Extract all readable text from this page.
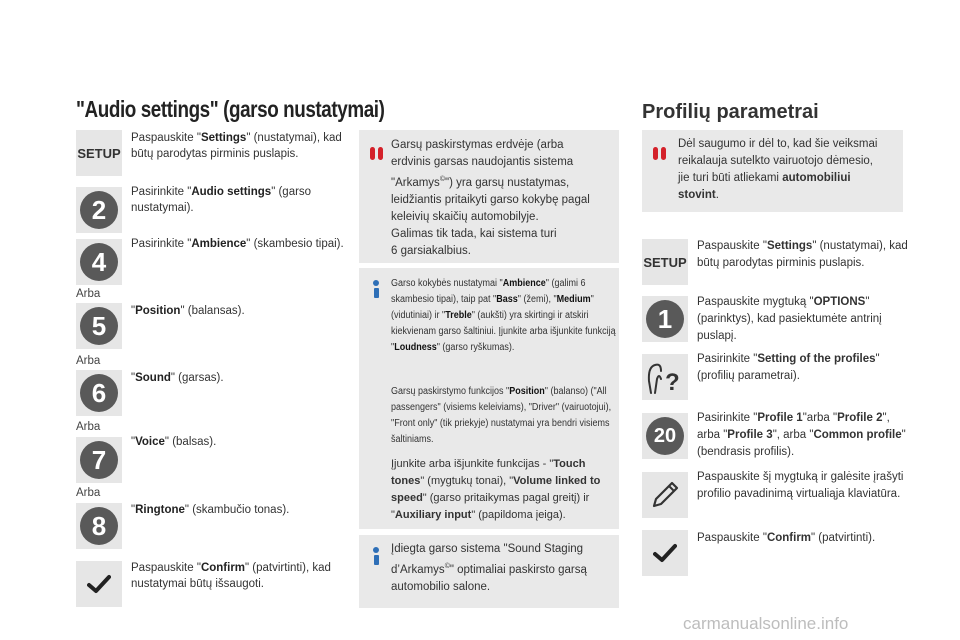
"Audio settings" (garso nustatymai)
SETUP
Paspauskite "Settings" (nustatymai), kad būtų parodytas pirminis puslapis.
2
Pasirinkite "Audio settings" (garso nustatymai).
4
Pasirinkite "Ambience" (skambesio tipai).
Arba
5	"Position" (balansas).
Arba
6	"Sound" (garsas).
Arba
7
"Voice" (balsas).
Arba
8
"Ringtone" (skambučio tonas).
Paspauskite "Confirm" (patvirtinti), kad nustatymai būtų išsaugoti.
Garsų paskirstymas erdvėje (arba
erdvinis garsas naudojantis sistema
"Arkamys©") yra garsų nustatymas,
leidžiantis pritaikyti garso kokybę pagal
keleivių skaičių automobilyje.
Galimas tik tada, kai sistema turi
6 garsiakalbius.
Garso kokybės nustatymai "Ambience" (galimi 6 skambesio tipai), taip pat "Bass" (žemi), "Medium" (vidutiniai) ir "Treble" (aukšti) yra skirtingi ir atskiri kiekvienam garso šaltiniui. Įjunkite arba išjunkite funkciją "Loudness" (garso ryškumas).
Garsų paskirstymo funkcijos "Position" (balanso) ("All passengers" (visiems keleiviams), "Driver" (vairuotojui), "Front only" (tik priekyje) nustatymai yra bendri visiems šaltiniams.
Įjunkite arba išjunkite funkcijas - "Touch tones" (mygtukų tonai), "Volume linked to speed" (garso pritaikymas pagal greitį) ir "Auxiliary input" (papildoma įeiga).
Įdiegta garso sistema "Sound Staging
d’Arkamys©" optimaliai paskirsto garsą
automobilio salone.
Profilių parametrai
Dėl saugumo ir dėl to, kad šie veiksmai
reikalauja sutelkto vairuotojo dėmesio,
jie turi būti atliekami automobiliui
stovint.
SETUP
Paspauskite "Settings" (nustatymai), kad būtų parodytas pirminis puslapis.
1
Paspauskite mygtuką "OPTIONS" (parinktys), kad pasiektumėte antrinį puslapį.
?
Pasirinkite "Setting of the profiles" (profilių parametrai).
20
Pasirinkite "Profile 1"arba "Profile 2", arba "Profile 3", arba "Common profile" (bendrasis profilis).
Paspauskite šį mygtuką ir galėsite įrašyti profilio pavadinimą virtualiąja klaviatūra.
Paspauskite "Confirm" (patvirtinti).
carmanualsonline.info
